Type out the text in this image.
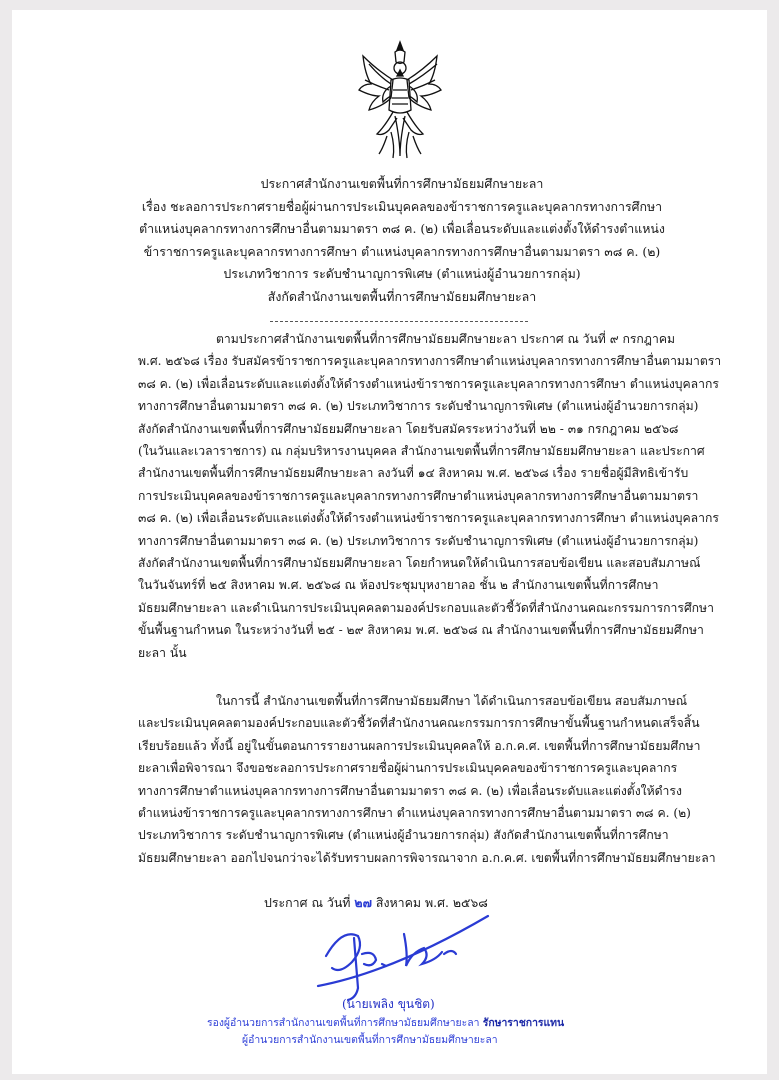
ประกาศสำนักงานเขตพื้นที่การศึกษามัธยมศึกษายะลา
เรื่อง ชะลอการประกาศรายชื่อผู้ผ่านการประเมินบุคคลของข้าราชการครูและบุคลากรทางการศึกษา
ตำแหน่งบุคลากรทางการศึกษาอื่นตามมาตรา ๓๘ ค. (๒) เพื่อเลื่อนระดับและแต่งตั้งให้ดำรงตำแหน่ง
ข้าราชการครูและบุคลากรทางการศึกษา ตำแหน่งบุคลากรทางการศึกษาอื่นตามมาตรา ๓๘ ค. (๒)
ประเภทวิชาการ ระดับชำนาญการพิเศษ (ตำแหน่งผู้อำนวยการกลุ่ม)
สังกัดสำนักงานเขตพื้นที่การศึกษามัธยมศึกษายะลา
ตามประกาศสำนักงานเขตพื้นที่การศึกษามัธยมศึกษายะลา ประกาศ ณ วันที่ ๙ กรกฎาคม
พ.ศ. ๒๕๖๘ เรื่อง รับสมัครข้าราชการครูและบุคลากรทางการศึกษาตำแหน่งบุคลากรทางการศึกษาอื่นตามมาตรา
๓๘ ค. (๒) เพื่อเลื่อนระดับและแต่งตั้งให้ดำรงตำแหน่งข้าราชการครูและบุคลากรทางการศึกษา ตำแหน่งบุคลากร
ทางการศึกษาอื่นตามมาตรา ๓๘ ค. (๒) ประเภทวิชาการ ระดับชำนาญการพิเศษ (ตำแหน่งผู้อำนวยการกลุ่ม)
สังกัดสำนักงานเขตพื้นที่การศึกษามัธยมศึกษายะลา โดยรับสมัครระหว่างวันที่ ๒๒ - ๓๑ กรกฎาคม ๒๕๖๘
(ในวันและเวลาราชการ) ณ กลุ่มบริหารงานบุคคล สำนักงานเขตพื้นที่การศึกษามัธยมศึกษายะลา และประกาศ
สำนักงานเขตพื้นที่การศึกษามัธยมศึกษายะลา ลงวันที่ ๑๔ สิงหาคม พ.ศ. ๒๕๖๘ เรื่อง รายชื่อผู้มีสิทธิเข้ารับ
การประเมินบุคคลของข้าราชการครูและบุคลากรทางการศึกษาตำแหน่งบุคลากรทางการศึกษาอื่นตามมาตรา
๓๘ ค. (๒) เพื่อเลื่อนระดับและแต่งตั้งให้ดำรงตำแหน่งข้าราชการครูและบุคลากรทางการศึกษา ตำแหน่งบุคลากร
ทางการศึกษาอื่นตามมาตรา ๓๘ ค. (๒) ประเภทวิชาการ ระดับชำนาญการพิเศษ (ตำแหน่งผู้อำนวยการกลุ่ม)
สังกัดสำนักงานเขตพื้นที่การศึกษามัธยมศึกษายะลา โดยกำหนดให้ดำเนินการสอบข้อเขียน และสอบสัมภาษณ์
ในวันจันทร์ที่ ๒๕ สิงหาคม พ.ศ. ๒๕๖๘ ณ ห้องประชุมบุหงายาลอ ชั้น ๒ สำนักงานเขตพื้นที่การศึกษา
มัธยมศึกษายะลา และดำเนินการประเมินบุคคลตามองค์ประกอบและตัวชี้วัดที่สำนักงานคณะกรรมการการศึกษา
ขั้นพื้นฐานกำหนด ในระหว่างวันที่ ๒๕ - ๒๙ สิงหาคม พ.ศ. ๒๕๖๘ ณ สำนักงานเขตพื้นที่การศึกษามัธยมศึกษา
ยะลา นั้น
ในการนี้ สำนักงานเขตพื้นที่การศึกษามัธยมศึกษา ได้ดำเนินการสอบข้อเขียน สอบสัมภาษณ์
และประเมินบุคคลตามองค์ประกอบและตัวชี้วัดที่สำนักงานคณะกรรมการการศึกษาขั้นพื้นฐานกำหนดเสร็จสิ้น
เรียบร้อยแล้ว ทั้งนี้ อยู่ในขั้นตอนการรายงานผลการประเมินบุคคลให้ อ.ก.ค.ศ. เขตพื้นที่การศึกษามัธยมศึกษา
ยะลาเพื่อพิจารณา จึงขอชะลอการประกาศรายชื่อผู้ผ่านการประเมินบุคคลของข้าราชการครูและบุคลากร
ทางการศึกษาตำแหน่งบุคลากรทางการศึกษาอื่นตามมาตรา ๓๘ ค. (๒) เพื่อเลื่อนระดับและแต่งตั้งให้ดำรง
ตำแหน่งข้าราชการครูและบุคลากรทางการศึกษา ตำแหน่งบุคลากรทางการศึกษาอื่นตามมาตรา ๓๘ ค. (๒)
ประเภทวิชาการ ระดับชำนาญการพิเศษ (ตำแหน่งผู้อำนวยการกลุ่ม) สังกัดสำนักงานเขตพื้นที่การศึกษา
มัธยมศึกษายะลา ออกไปจนกว่าจะได้รับทราบผลการพิจารณาจาก อ.ก.ค.ศ. เขตพื้นที่การศึกษามัธยมศึกษายะลา
ประกาศ ณ วันที่ ๒๗ สิงหาคม พ.ศ. ๒๕๖๘
(นายเพลิง ขุนชิต)
รองผู้อำนวยการสำนักงานเขตพื้นที่การศึกษามัธยมศึกษายะลา รักษาราชการแทน
ผู้อำนวยการสำนักงานเขตพื้นที่การศึกษามัธยมศึกษายะลา
